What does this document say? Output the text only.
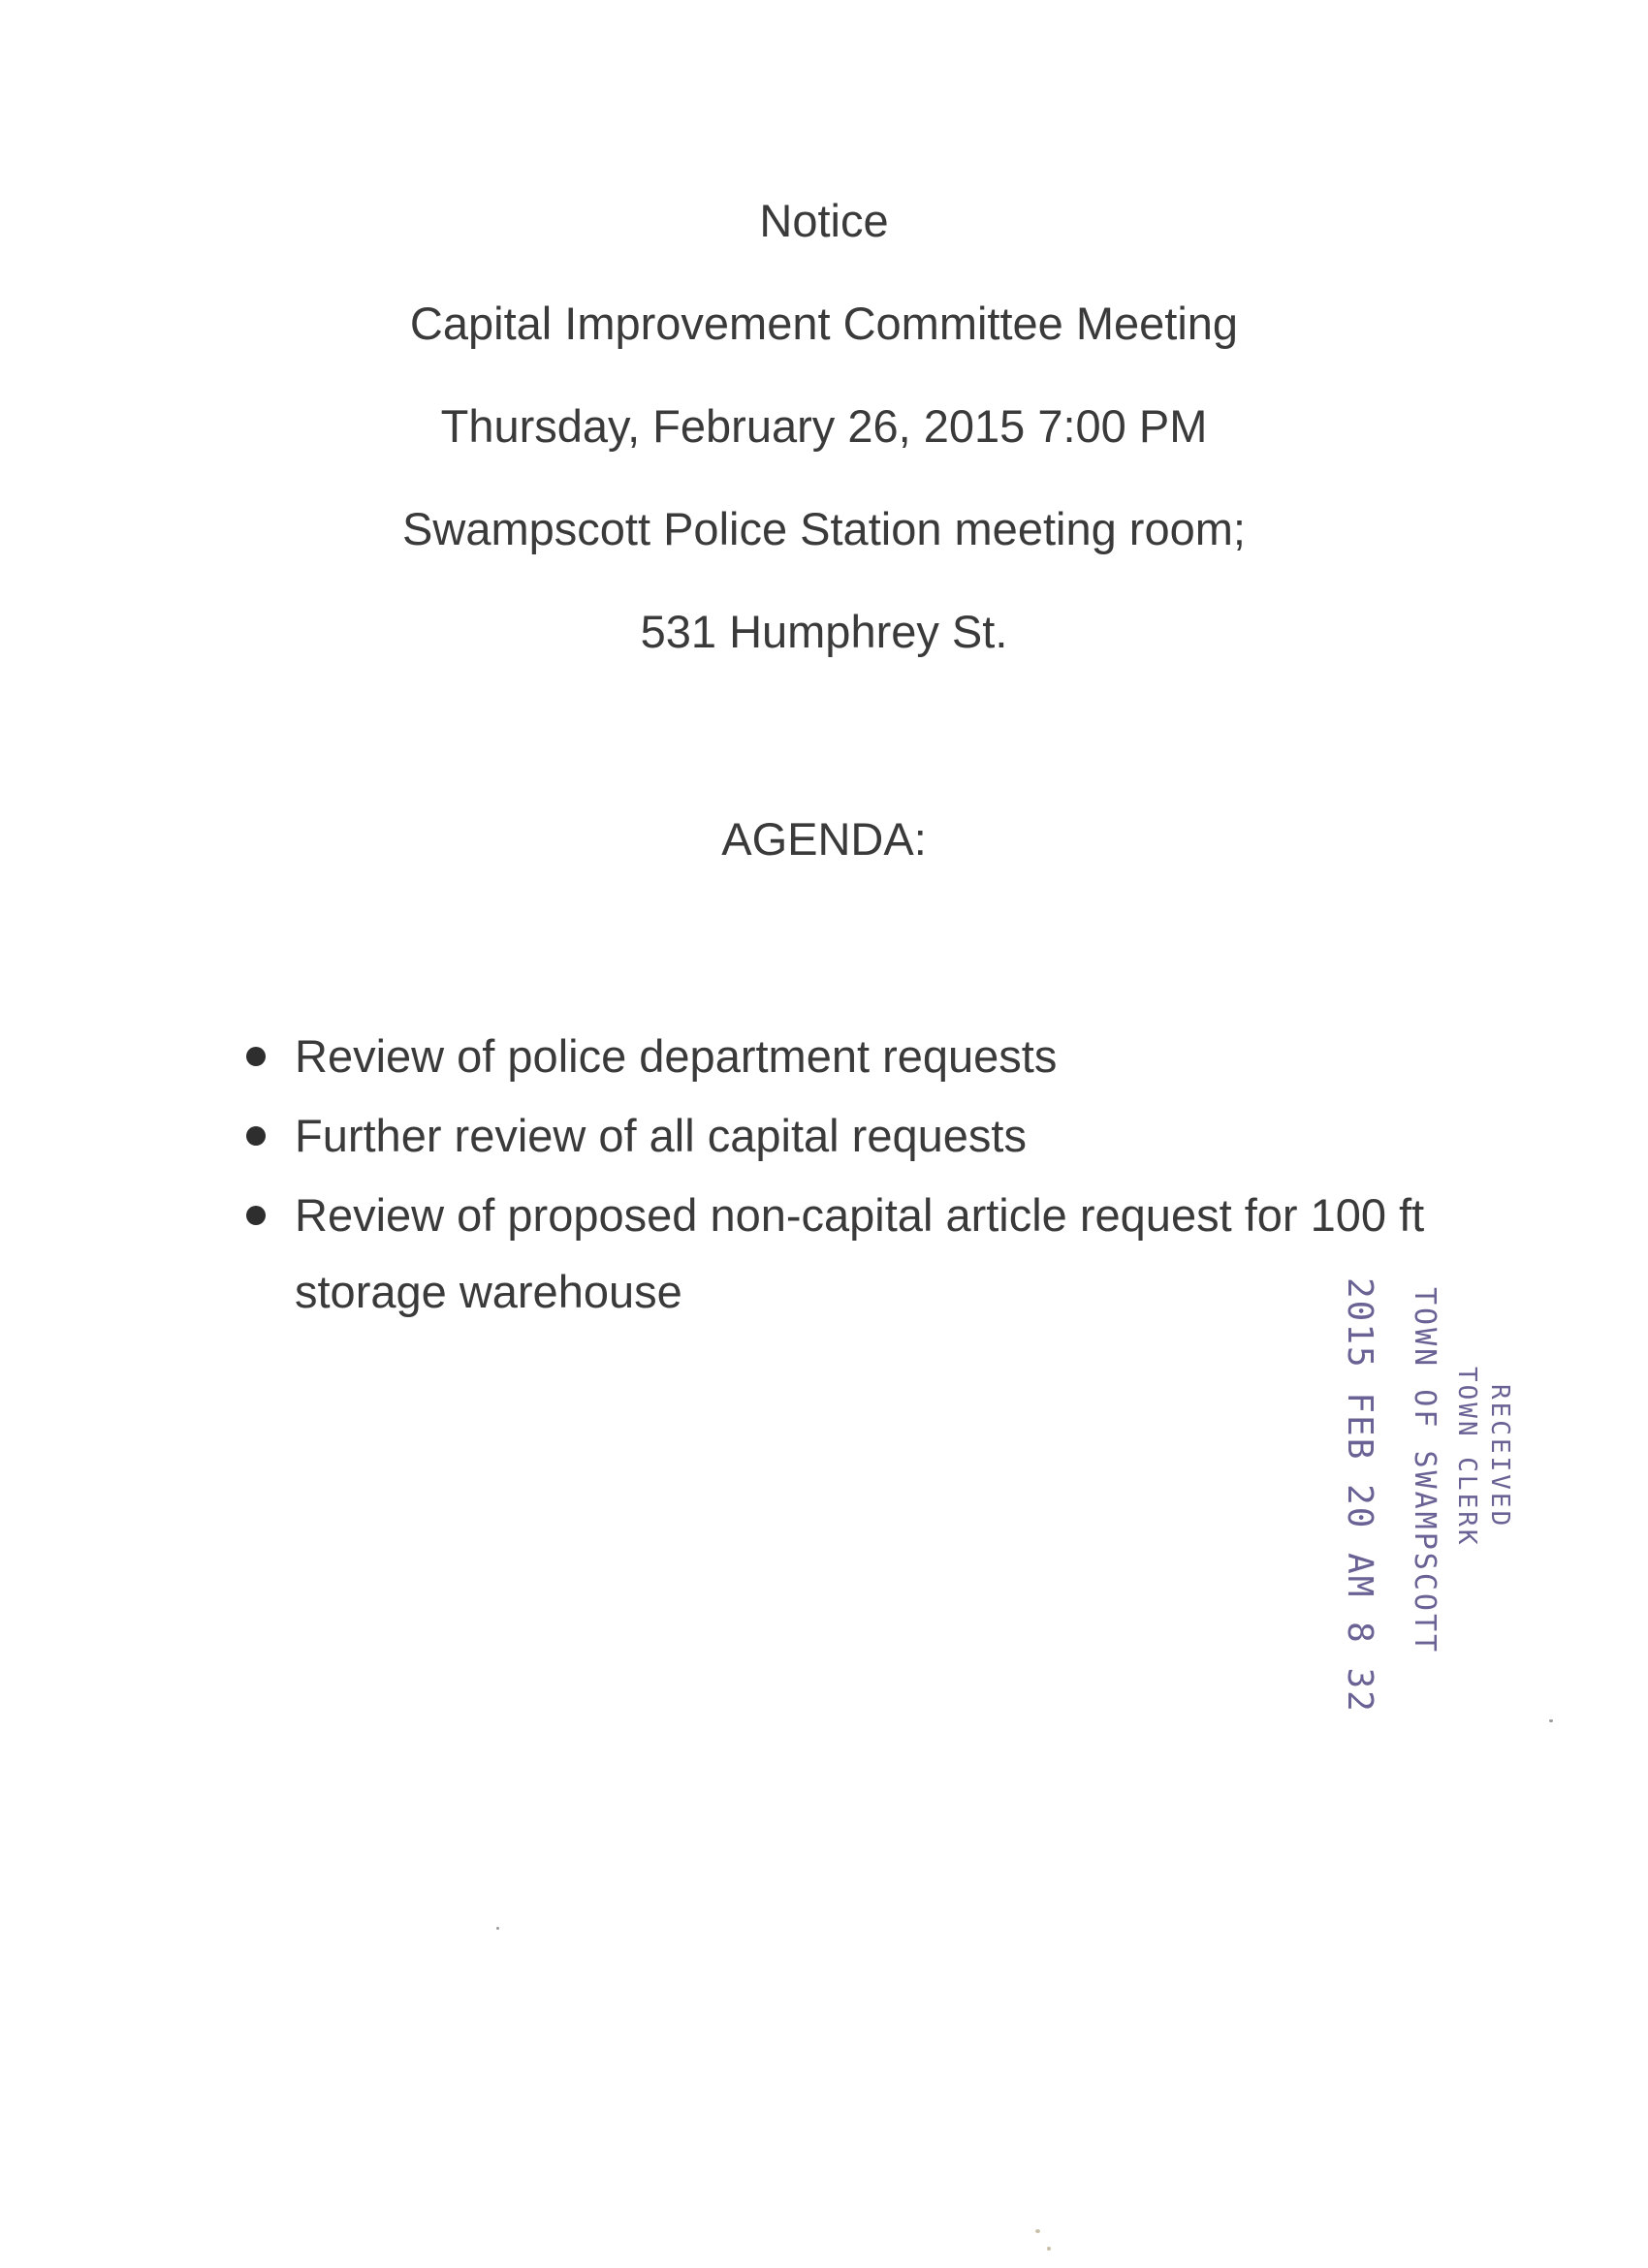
Notice
Capital Improvement Committee Meeting
Thursday, February 26, 2015 7:00 PM
Swampscott Police Station meeting room;
531 Humphrey St.
AGENDA:
Review of police department requests
Further review of all capital requests
Review of proposed non-capital article request for 100 ft storage warehouse
RECEIVED
TOWN CLERK
TOWN OF SWAMPSCOTT
2015 FEB 20 AM 8 32
